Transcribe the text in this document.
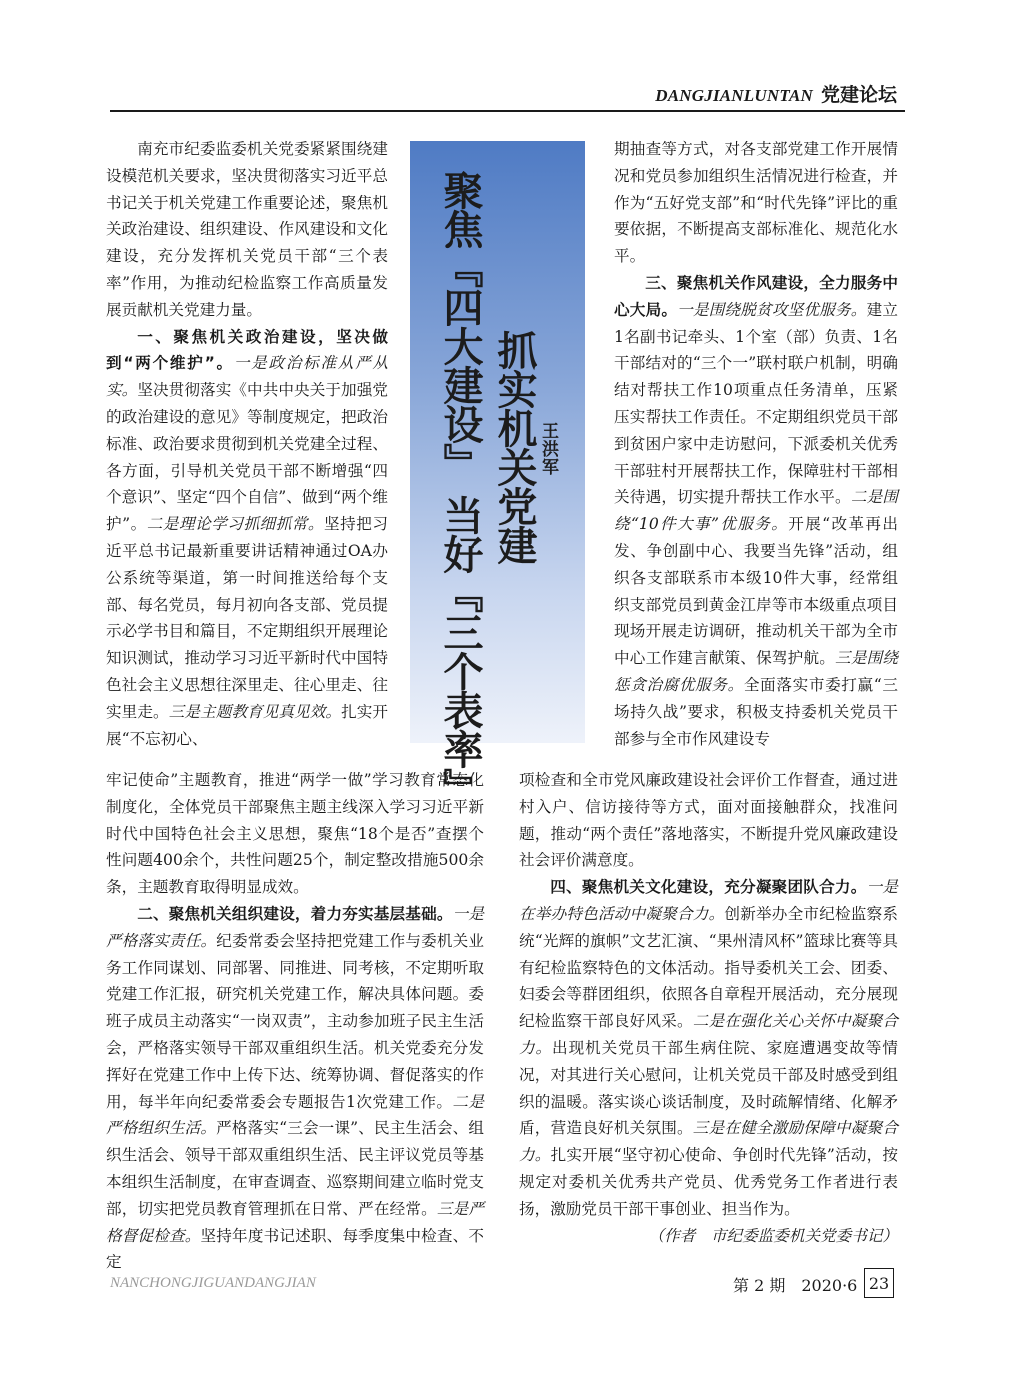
DANGJIANLUNTAN 党建论坛
聚焦『四大建设』 当好『三个表率』 抓实机关党建 王洪军

南充市纪委监委机关党委紧紧围绕建设模范机关要求，坚决贯彻落实习近平总书记关于机关党建工作重要论述，聚焦机关政治建设、组织建设、作风建设和文化建设，充分发挥机关党员干部“三个表率”作用，为推动纪检监察工作高质量发展贡献机关党建力量。

一、聚焦机关政治建设，坚决做到“两个维护”。一是政治标准从严从实。坚决贯彻落实《中共中央关于加强党的政治建设的意见》等制度规定，把政治标准、政治要求贯彻到机关党建全过程、各方面，引导机关党员干部不断增强“四个意识”、坚定“四个自信”、做到“两个维护”。二是理论学习抓细抓常。坚持把习近平总书记最新重要讲话精神通过OA办公系统等渠道，第一时间推送给每个支部、每名党员，每月初向各支部、党员提示必学书目和篇目，不定期组织开展理论知识测试，推动学习习近平新时代中国特色社会主义思想往深里走、往心里走、往实里走。三是主题教育见真见效。扎实开展“不忘初心、

牢记使命”主题教育，推进“两学一做”学习教育常态化制度化，全体党员干部聚焦主题主线深入学习习近平新时代中国特色社会主义思想，聚焦“18个是否”查摆个性问题400余个，共性问题25个，制定整改措施500余条，主题教育取得明显成效。

二、聚焦机关组织建设，着力夯实基层基础。一是严格落实责任。纪委常委会坚持把党建工作与委机关业务工作同谋划、同部署、同推进、同考核，不定期听取党建工作汇报，研究机关党建工作，解决具体问题。委班子成员主动落实“一岗双责”，主动参加班子民主生活会，严格落实领导干部双重组织生活。机关党委充分发挥好在党建工作中上传下达、统筹协调、督促落实的作用，每半年向纪委常委会专题报告1次党建工作。二是严格组织生活。严格落实“三会一课”、民主生活会、组织生活会、领导干部双重组织生活、民主评议党员等基本组织生活制度，在审查调查、巡察期间建立临时党支部，切实把党员教育管理抓在日常、严在经常。三是严格督促检查。坚持年度书记述职、每季度集中检查、不定

期抽查等方式，对各支部党建工作开展情况和党员参加组织生活情况进行检查，并作为“五好党支部”和“时代先锋”评比的重要依据，不断提高支部标准化、规范化水平。

三、聚焦机关作风建设，全力服务中心大局。一是围绕脱贫攻坚优服务。建立1名副书记牵头、1个室（部）负责、1名干部结对的“三个一”联村联户机制，明确结对帮扶工作10项重点任务清单，压紧压实帮扶工作责任。不定期组织党员干部到贫困户家中走访慰问，下派委机关优秀干部驻村开展帮扶工作，保障驻村干部相关待遇，切实提升帮扶工作水平。二是围绕“10件大事”优服务。开展“改革再出发、争创副中心、我要当先锋”活动，组织各支部联系市本级10件大事，经常组织支部党员到黄金江岸等市本级重点项目现场开展走访调研，推动机关干部为全市中心工作建言献策、保驾护航。三是围绕惩贪治腐优服务。全面落实市委打赢“三场持久战”要求，积极支持委机关党员干部参与全市作风建设专

项检查和全市党风廉政建设社会评价工作督查，通过进村入户、信访接待等方式，面对面接触群众，找准问题，推动“两个责任”落地落实，不断提升党风廉政建设社会评价满意度。

四、聚焦机关文化建设，充分凝聚团队合力。一是在举办特色活动中凝聚合力。创新举办全市纪检监察系统“光辉的旗帜”文艺汇演、“果州清风杯”篮球比赛等具有纪检监察特色的文体活动。指导委机关工会、团委、妇委会等群团组织，依照各自章程开展活动，充分展现纪检监察干部良好风采。二是在强化关心关怀中凝聚合力。出现机关党员干部生病住院、家庭遭遇变故等情况，对其进行关心慰问，让机关党员干部及时感受到组织的温暖。落实谈心谈话制度，及时疏解情绪、化解矛盾，营造良好机关氛围。三是在健全激励保障中凝聚合力。扎实开展“坚守初心使命、争创时代先锋”活动，按规定对委机关优秀共产党员、优秀党务工作者进行表扬，激励党员干部干事创业、担当作为。

（作者　市纪委监委机关党委书记）

NANCHONGJIGUANDANGJIAN	第 2 期　2020·6 23
